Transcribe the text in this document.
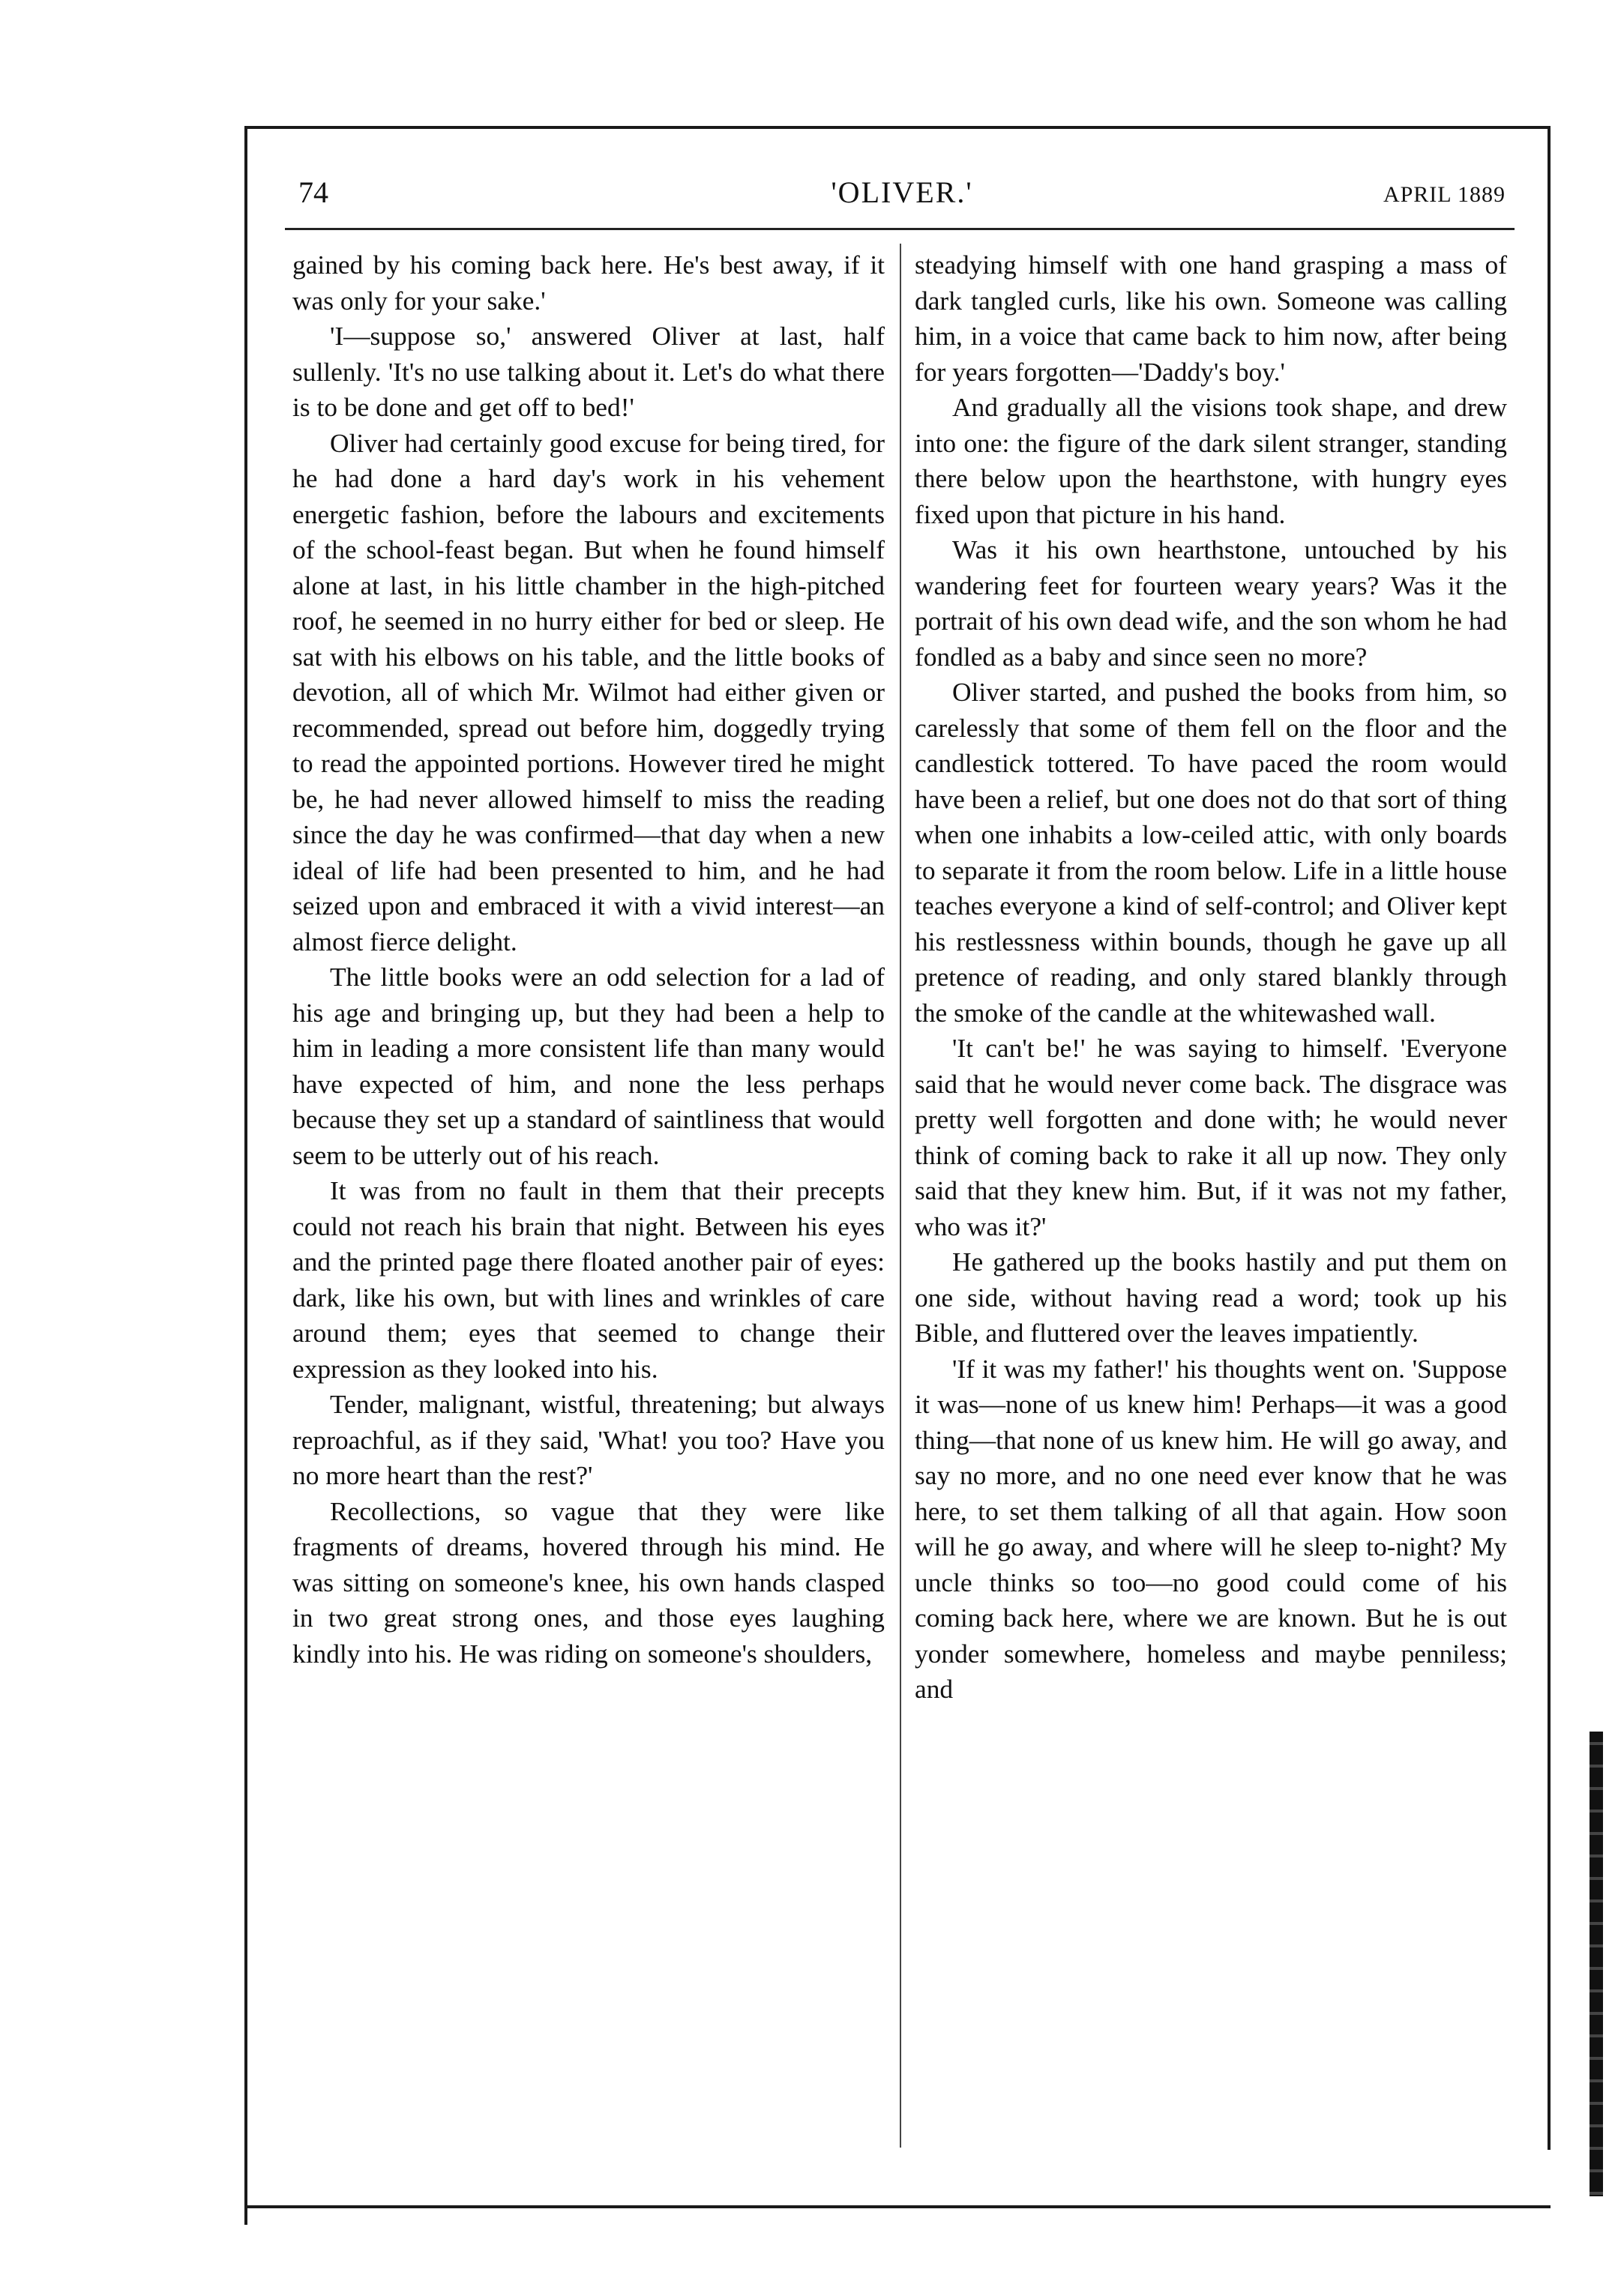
74	'OLIVER.'	APRIL 1889

gained by his coming back here. He's best away, if it was only for your sake.'

'I—suppose so,' answered Oliver at last, half sullenly. 'It's no use talking about it. Let's do what there is to be done and get off to bed!'

Oliver had certainly good excuse for being tired, for he had done a hard day's work in his vehement energetic fashion, before the labours and excitements of the school-feast began. But when he found himself alone at last, in his little chamber in the high-pitched roof, he seemed in no hurry either for bed or sleep. He sat with his elbows on his table, and the little books of devotion, all of which Mr. Wilmot had either given or recommended, spread out before him, doggedly trying to read the appointed portions. However tired he might be, he had never allowed himself to miss the reading since the day he was confirmed—that day when a new ideal of life had been presented to him, and he had seized upon and embraced it with a vivid interest—an almost fierce delight.

The little books were an odd selection for a lad of his age and bringing up, but they had been a help to him in leading a more consistent life than many would have expected of him, and none the less perhaps because they set up a standard of saintliness that would seem to be utterly out of his reach.

It was from no fault in them that their precepts could not reach his brain that night. Between his eyes and the printed page there floated another pair of eyes: dark, like his own, but with lines and wrinkles of care around them; eyes that seemed to change their expression as they looked into his.

Tender, malignant, wistful, threatening; but always reproachful, as if they said, 'What! you too? Have you no more heart than the rest?'

Recollections, so vague that they were like fragments of dreams, hovered through his mind. He was sitting on someone's knee, his own hands clasped in two great strong ones, and those eyes laughing kindly into his. He was riding on someone's shoulders,

steadying himself with one hand grasping a mass of dark tangled curls, like his own. Someone was calling him, in a voice that came back to him now, after being for years forgotten—'Daddy's boy.'

And gradually all the visions took shape, and drew into one: the figure of the dark silent stranger, standing there below upon the hearthstone, with hungry eyes fixed upon that picture in his hand.

Was it his own hearthstone, untouched by his wandering feet for fourteen weary years? Was it the portrait of his own dead wife, and the son whom he had fondled as a baby and since seen no more?

Oliver started, and pushed the books from him, so carelessly that some of them fell on the floor and the candlestick tottered. To have paced the room would have been a relief, but one does not do that sort of thing when one inhabits a low-ceiled attic, with only boards to separate it from the room below. Life in a little house teaches everyone a kind of self-control; and Oliver kept his restlessness within bounds, though he gave up all pretence of reading, and only stared blankly through the smoke of the candle at the whitewashed wall.

'It can't be!' he was saying to himself. 'Everyone said that he would never come back. The disgrace was pretty well forgotten and done with; he would never think of coming back to rake it all up now. They only said that they knew him. But, if it was not my father, who was it?'

He gathered up the books hastily and put them on one side, without having read a word; took up his Bible, and fluttered over the leaves impatiently.

'If it was my father!' his thoughts went on. 'Suppose it was—none of us knew him! Perhaps—it was a good thing—that none of us knew him. He will go away, and say no more, and no one need ever know that he was here, to set them talking of all that again. How soon will he go away, and where will he sleep to-night? My uncle thinks so too—no good could come of his coming back here, where we are known. But he is out yonder somewhere, homeless and maybe penniless; and
